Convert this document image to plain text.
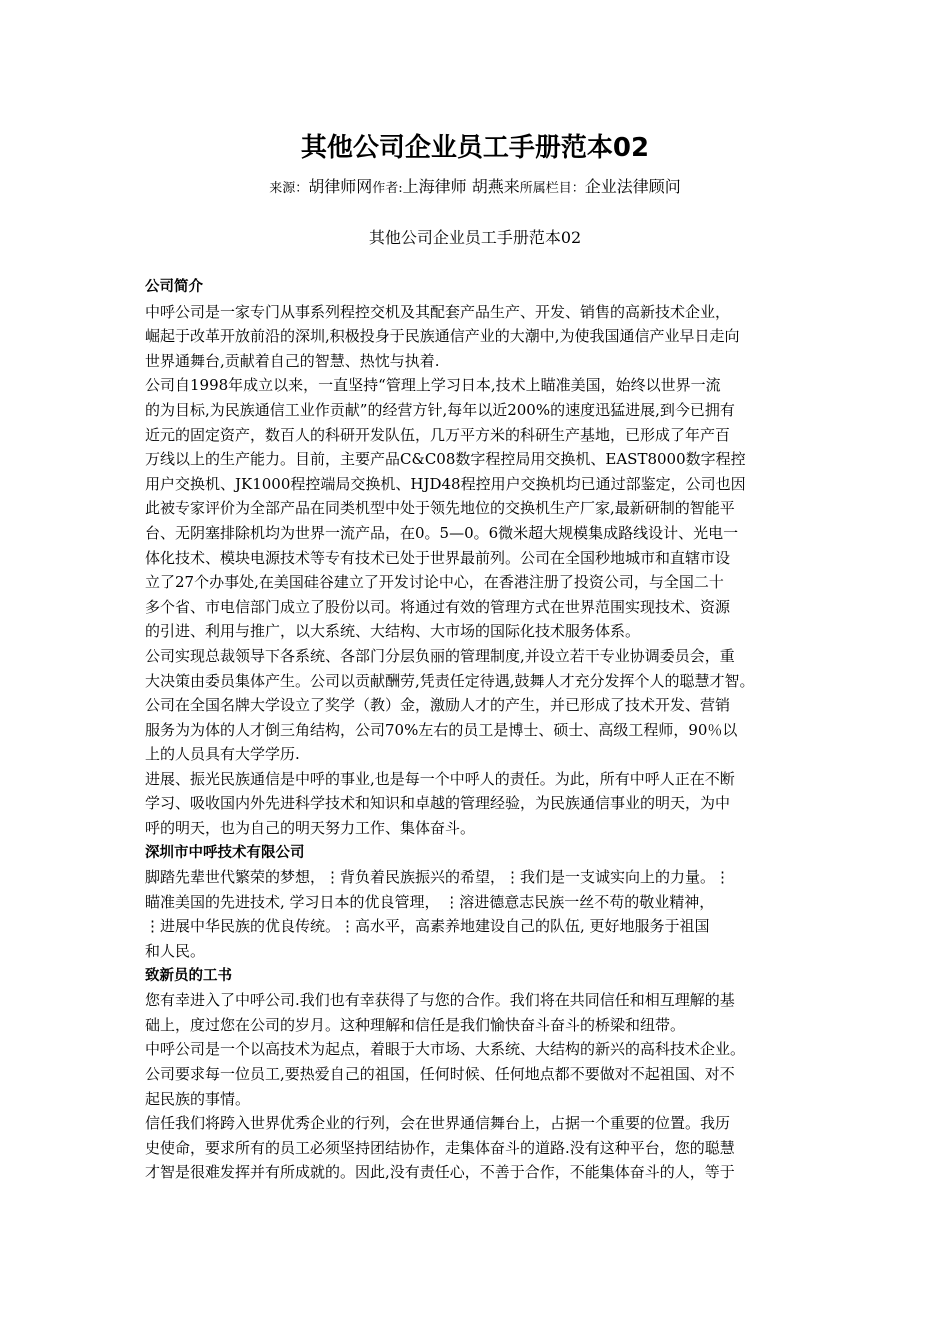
其他公司企业员工手册范本02
来源：胡律师网作者:上海律师 胡燕来所属栏目：企业法律顾问
其他公司企业员工手册范本02
公司简介
中呼公司是一家专门从事系列程控交机及其配套产品生产、开发、销售的高新技术企业，
崛起于改革开放前沿的深圳,积极投身于民族通信产业的大潮中,为使我国通信产业早日走向
世界通舞台,贡献着自己的智慧、热忱与执着.
公司自1998年成立以来，一直坚持“管理上学习日本,技术上瞄准美国，始终以世界一流
的为目标,为民族通信工业作贡献”的经营方针,每年以近200%的速度迅猛进展,到今已拥有
近元的固定资产，数百人的科研开发队伍，几万平方米的科研生产基地，已形成了年产百
万线以上的生产能力。目前，主要产品C&C08数字程控局用交换机、EAST8000数字程控
用户交换机、JK1000程控端局交换机、HJD48程控用户交换机均已通过部鉴定，公司也因
此被专家评价为全部产品在同类机型中处于领先地位的交换机生产厂家,最新研制的智能平
台、无阴塞排除机均为世界一流产品，在0。5—0。6微米超大规模集成路线设计、光电一
体化技术、模块电源技术等专有技术已处于世界最前列。公司在全国秒地城市和直辖市设
立了27个办事处,在美国硅谷建立了开发讨论中心，在香港注册了投资公司，与全国二十
多个省、市电信部门成立了股份以司。将通过有效的管理方式在世界范围实现技术、资源
的引进、利用与推广，以大系统、大结构、大市场的国际化技术服务体系。
公司实现总裁领导下各系统、各部门分层负丽的管理制度,并设立若干专业协调委员会，重
大决策由委员集体产生。公司以贡献酬劳,凭责任定待遇,鼓舞人才充分发挥个人的聪慧才智。
公司在全国名牌大学设立了奖学（教）金，激励人才的产生，并已形成了技术开发、营销
服务为为体的人才倒三角结构，公司70%左右的员工是博士、硕士、高级工程师，90％以
上的人员具有大学学历.
进展、振光民族通信是中呼的事业,也是每一个中呼人的责任。为此，所有中呼人正在不断
学习、吸收国内外先进科学技术和知识和卓越的管理经验，为民族通信事业的明天，为中
呼的明天，也为自己的明天努力工作、集体奋斗。
深圳市中呼技术有限公司
脚踏先辈世代繁荣的梦想，⋮背负着民族振兴的希望，⋮我们是一支诚实向上的力量。⋮
瞄准美国的先进技术, 学习日本的优良管理， ⋮溶进德意志民族一丝不苟的敬业精神，
⋮进展中华民族的优良传统。⋮高水平，高素养地建设自己的队伍, 更好地服务于祖国
和人民。
致新员的工书
您有幸进入了中呼公司.我们也有幸获得了与您的合作。我们将在共同信任和相互理解的基
础上，度过您在公司的岁月。这种理解和信任是我们愉快奋斗奋斗的桥梁和纽带。
中呼公司是一个以高技术为起点，着眼于大市场、大系统、大结构的新兴的高科技术企业。
公司要求每一位员工,要热爱自己的祖国，任何时候、任何地点都不要做对不起祖国、对不
起民族的事情。
信任我们将跨入世界优秀企业的行列，会在世界通信舞台上，占据一个重要的位置。我历
史使命，要求所有的员工必须坚持团结协作，走集体奋斗的道路.没有这种平台，您的聪慧
才智是很难发挥并有所成就的。因此,没有责任心，不善于合作，不能集体奋斗的人，等于
